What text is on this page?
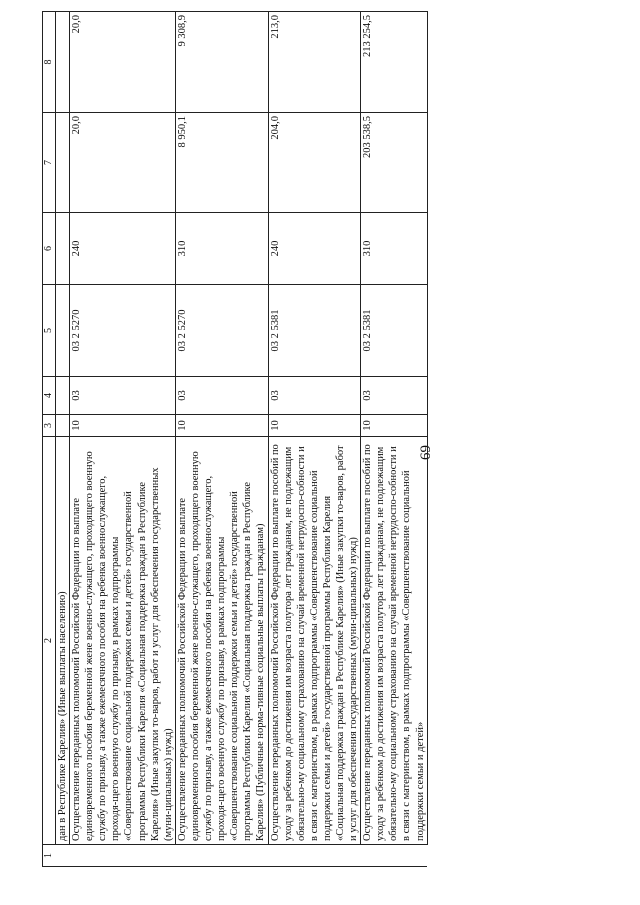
69
1	2	3	4	5	6	7	8
	дан в Республике Карелия» (Иные выплаты населению)						
	Осуществление переданных полномочий Российской Федерации по выплате единовременного пособия беременной жене военно-служащего, проходящего военную службу по призыву, а также ежемесячного пособия на ребенка военнослужащего, проходя-щего военную службу по призыву, в рамках подпрограммы «Совершенствование социальной поддержки семьи и детей» государственной программы Республики Карелия «Социальная поддержка граждан в Республике Карелия» (Иные закупки то-варов, работ и услуг для обеспечения государственных (муни-ципальных) нужд)	10	03	03 2 5270	240	20,0	20,0
	Осуществление переданных полномочий Российской Федерации по выплате единовременного пособия беременной жене военно-служащего, проходящего военную службу по призыву, а также ежемесячного пособия на ребенка военнослужащего, проходя-щего военную службу по призыву, в рамках подпрограммы «Совершенствование социальной поддержки семьи и детей» государственной программы Республики Карелия «Социальная поддержка граждан в Республике Карелия» (Публичные норма-тивные социальные выплаты гражданам)	10	03	03 2 5270	310	8 950,1	9 308,9
	Осуществление переданных полномочий Российской Федерации по выплате пособий по уходу за ребенком до достижения им возраста полутора лет гражданам, не подлежащим обязательно-му социальному страхованию на случай временной нетрудоспо-собности и в связи с материнством, в рамках подпрограммы «Совершенствование социальной поддержки семьи и детей» государственной программы Республики Карелия «Социальная поддержка граждан в Республике Карелия» (Иные закупки то-варов, работ и услуг для обеспечения государственных (муни-ципальных) нужд)	10	03	03 2 5381	240	204,0	213,0
	Осуществление переданных полномочий Российской Федерации по выплате пособий по уходу за ребенком до достижения им возраста полутора лет гражданам, не подлежащим обязательно-му социальному страхованию на случай временной нетрудоспо-собности и в связи с материнством, в рамках подпрограммы «Совершенствование социальной поддержки семьи и детей»	10	03	03 2 5381	310	203 538,5	213 254,5
